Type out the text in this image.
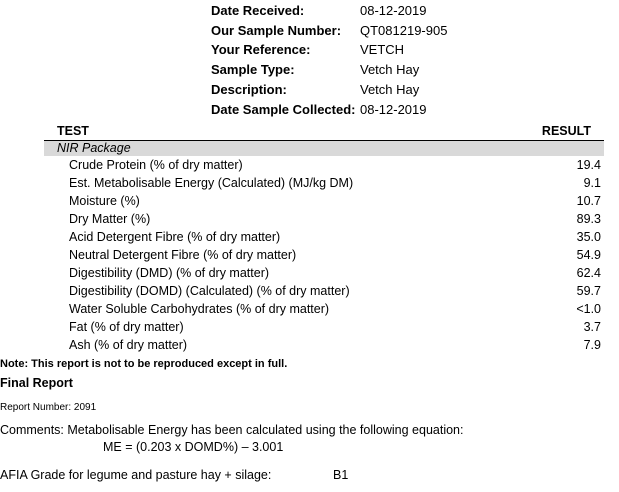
Date Received:	08-12-2019
Our Sample Number: QT081219-905
Your Reference:	VETCH
Sample Type:	Vetch Hay
Description:	Vetch Hay
Date Sample Collected: 08-12-2019
TEST	RESULT
NIR Package
Crude Protein (% of dry matter)	19.4
Est. Metabolisable Energy (Calculated) (MJ/kg DM)	9.1
Moisture (%)	10.7
Dry Matter (%)	89.3
Acid Detergent Fibre (% of dry matter)	35.0
Neutral Detergent Fibre (% of dry matter)	54.9
Digestibility (DMD) (% of dry matter)	62.4
Digestibility (DOMD) (Calculated) (% of dry matter)	59.7
Water Soluble Carbohydrates (% of dry matter)	<1.0
Fat (% of dry matter)	3.7
Ash (% of dry matter)	7.9
Note: This report is not to be reproduced except in full.
Final Report
Report Number: 2091
Comments: Metabolisable Energy has been calculated using the following equation:
ME = (0.203 x DOMD%) – 3.001
AFIA Grade for legume and pasture hay + silage:	B1
